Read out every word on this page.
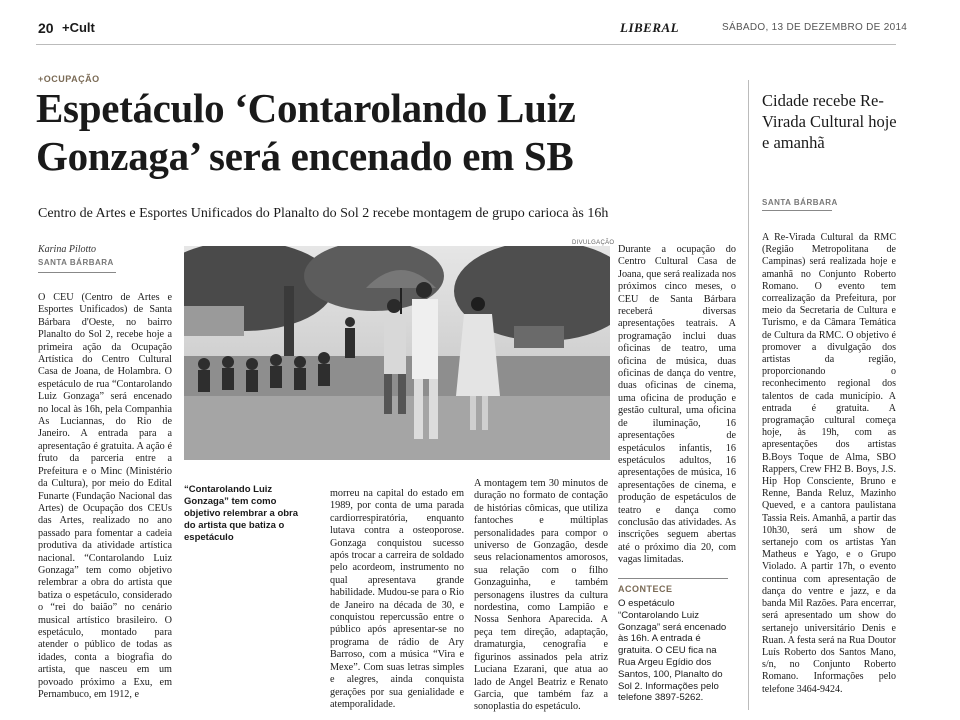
20 +Cult	LIBERAL	SÁBADO, 13 DE DEZEMBRO DE 2014
+OCUPAÇÃO
Espetáculo ‘Contarolando Luiz Gonzaga’ será encenado em SB
Centro de Artes e Esportes Unificados do Planalto do Sol 2 recebe montagem de grupo carioca às 16h
Karina Pilotto
SANTA BÁRBARA

O CEU (Centro de Artes e Esportes Unificados) de Santa Bárbara d'Oeste, no bairro Planalto do Sol 2, recebe hoje a primeira ação da Ocupação Artística do Centro Cultural Casa de Joana, de Holambra. O espetáculo de rua “Contarolando Luiz Gonzaga” será encenado no local às 16h, pela Companhia As Luciannas, do Rio de Janeiro. A entrada para a apresentação é gratuita. A ação é fruto da parceria entre a Prefeitura e o Minc (Ministério da Cultura), por meio do Edital Funarte (Fundação Nacional das Artes) de Ocupação dos CEUs das Artes, realizado no ano passado para fomentar a cadeia produtiva da atividade artística nacional. “Contarolando Luiz Gonzaga” tem como objetivo relembrar a obra do artista que batiza o espetáculo, considerado o “rei do baião” no cenário musical artístico brasileiro. O espetáculo, montado para atender o público de todas as idades, conta a biografia do artista, que nasceu em um povoado próximo a Exu, em Pernambuco, em 1912, e

DIVULGAÇÃO
“Contarolando Luiz Gonzaga” tem como objetivo relembrar a obra do artista que batiza o espetáculo

morreu na capital do estado em 1989, por conta de uma parada cardiorrespiratória, enquanto lutava contra a osteoporose. Gonzaga conquistou sucesso após trocar a carreira de soldado pelo acordeom, instrumento no qual apresentava grande habilidade. Mudou-se para o Rio de Janeiro na década de 30, e conquistou repercussão entre o público após apresentar-se no programa de rádio de Ary Barroso, com a música “Vira e Mexe”. Com suas letras simples e alegres, ainda conquista gerações por sua genialidade e atemporalidade.

A montagem tem 30 minutos de duração no formato de contação de histórias cômicas, que utiliza fantoches e múltiplas personalidades para compor o universo de Gonzagão, desde seus relacionamentos amorosos, sua relação com o filho Gonzaguinha, e também personagens ilustres da cultura nordestina, como Lampião e Nossa Senhora Aparecida. A peça tem direção, adaptação, dramaturgia, cenografia e figurinos assinados pela atriz Luciana Ezarani, que atua ao lado de Angel Beatriz e Renato Garcia, que também faz a sonoplastia do espetáculo.

Durante a ocupação do Centro Cultural Casa de Joana, que será realizada nos próximos cinco meses, o CEU de Santa Bárbara receberá diversas apresentações teatrais. A programação inclui duas oficinas de teatro, uma oficina de música, duas oficinas de dança do ventre, duas oficinas de cinema, uma oficina de produção e gestão cultural, uma oficina de iluminação, 16 apresentações de espetáculos infantis, 16 espetáculos adultos, 16 apresentações de música, 16 apresentações de cinema, e produção de espetáculos de teatro e dança como conclusão das atividades. As inscrições seguem abertas até o próximo dia 20, com vagas limitadas.

ACONTECE
O espetáculo “Contarolando Luiz Gonzaga” será encenado às 16h. A entrada é gratuita. O CEU fica na Rua Argeu Egídio dos Santos, 100, Planalto do Sol 2. Informações pelo telefone 3897-5262.
Cidade recebe Re-Virada Cultural hoje e amanhã
SANTA BÁRBARA

A Re-Virada Cultural da RMC (Região Metropolitana de Campinas) será realizada hoje e amanhã no Conjunto Roberto Romano. O evento tem correalização da Prefeitura, por meio da Secretaria de Cultura e Turismo, e da Câmara Temática de Cultura da RMC. O objetivo é promover a divulgação dos artistas da região, proporcionando o reconhecimento regional dos talentos de cada município. A entrada é gratuita. A programação cultural começa hoje, às 19h, com as apresentações dos artistas B.Boys Toque de Alma, SBO Rappers, Crew FH2 B. Boys, J.S. Hip Hop Consciente, Bruno e Renne, Banda Reluz, Mazinho Queved, e a cantora paulistana Tassia Reis. Amanhã, a partir das 10h30, será um show de sertanejo com os artistas Yan Matheus e Yago, e o Grupo Violado. A partir 17h, o evento continua com apresentação de dança do ventre e jazz, e da banda Mil Razões. Para encerrar, será apresentado um show do sertanejo universitário Denis e Ruan. A festa será na Rua Doutor Luís Roberto dos Santos Mano, s/n, no Conjunto Roberto Romano. Informações pelo telefone 3464-9424.
